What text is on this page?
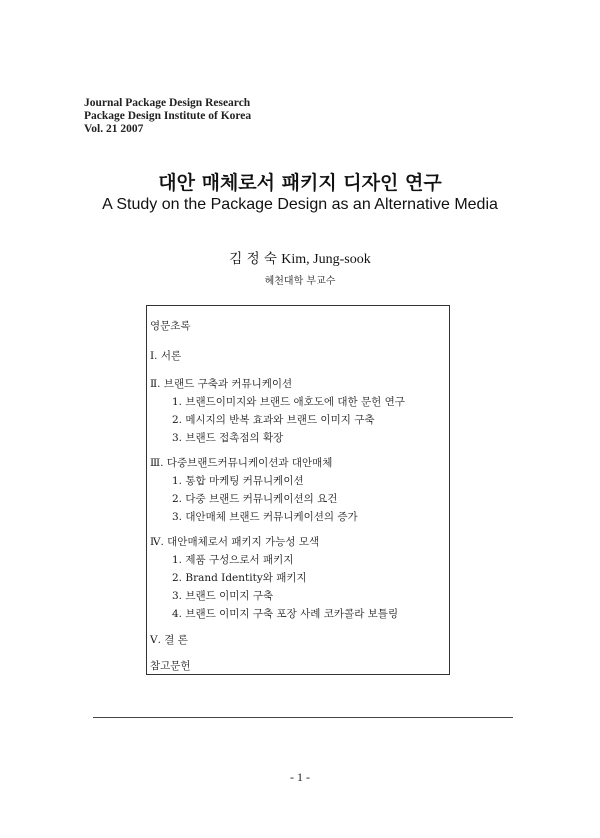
Journal Package Design Research
Package Design Institute of Korea
Vol. 21 2007
대안 매체로서 패키지 디자인 연구
A Study on the Package Design as an Alternative Media
김 정 숙 Kim, Jung-sook
혜천대학 부교수
영문초록
Ⅰ. 서론
Ⅱ. 브랜드 구축과 커뮤니케이션
1. 브랜드이미지와 브랜드 애호도에 대한 문헌 연구
2. 메시지의 반복 효과와 브랜드 이미지 구축
3. 브랜드 접촉점의 확장
Ⅲ. 다중브랜드커뮤니케이션과 대안매체
1. 통합 마케팅 커뮤니케이션
2. 다중 브랜드 커뮤니케이션의 요건
3. 대안매체 브랜드 커뮤니케이션의 증가
Ⅳ. 대안매체로서 패키지 가능성 모색
1. 제품 구성으로서 패키지
2. Brand Identity와 패키지
3. 브랜드 이미지 구축
4. 브랜드 이미지 구축 포장 사례 코카콜라 보틀링
Ⅴ. 결 론
참고문헌
- 1 -
